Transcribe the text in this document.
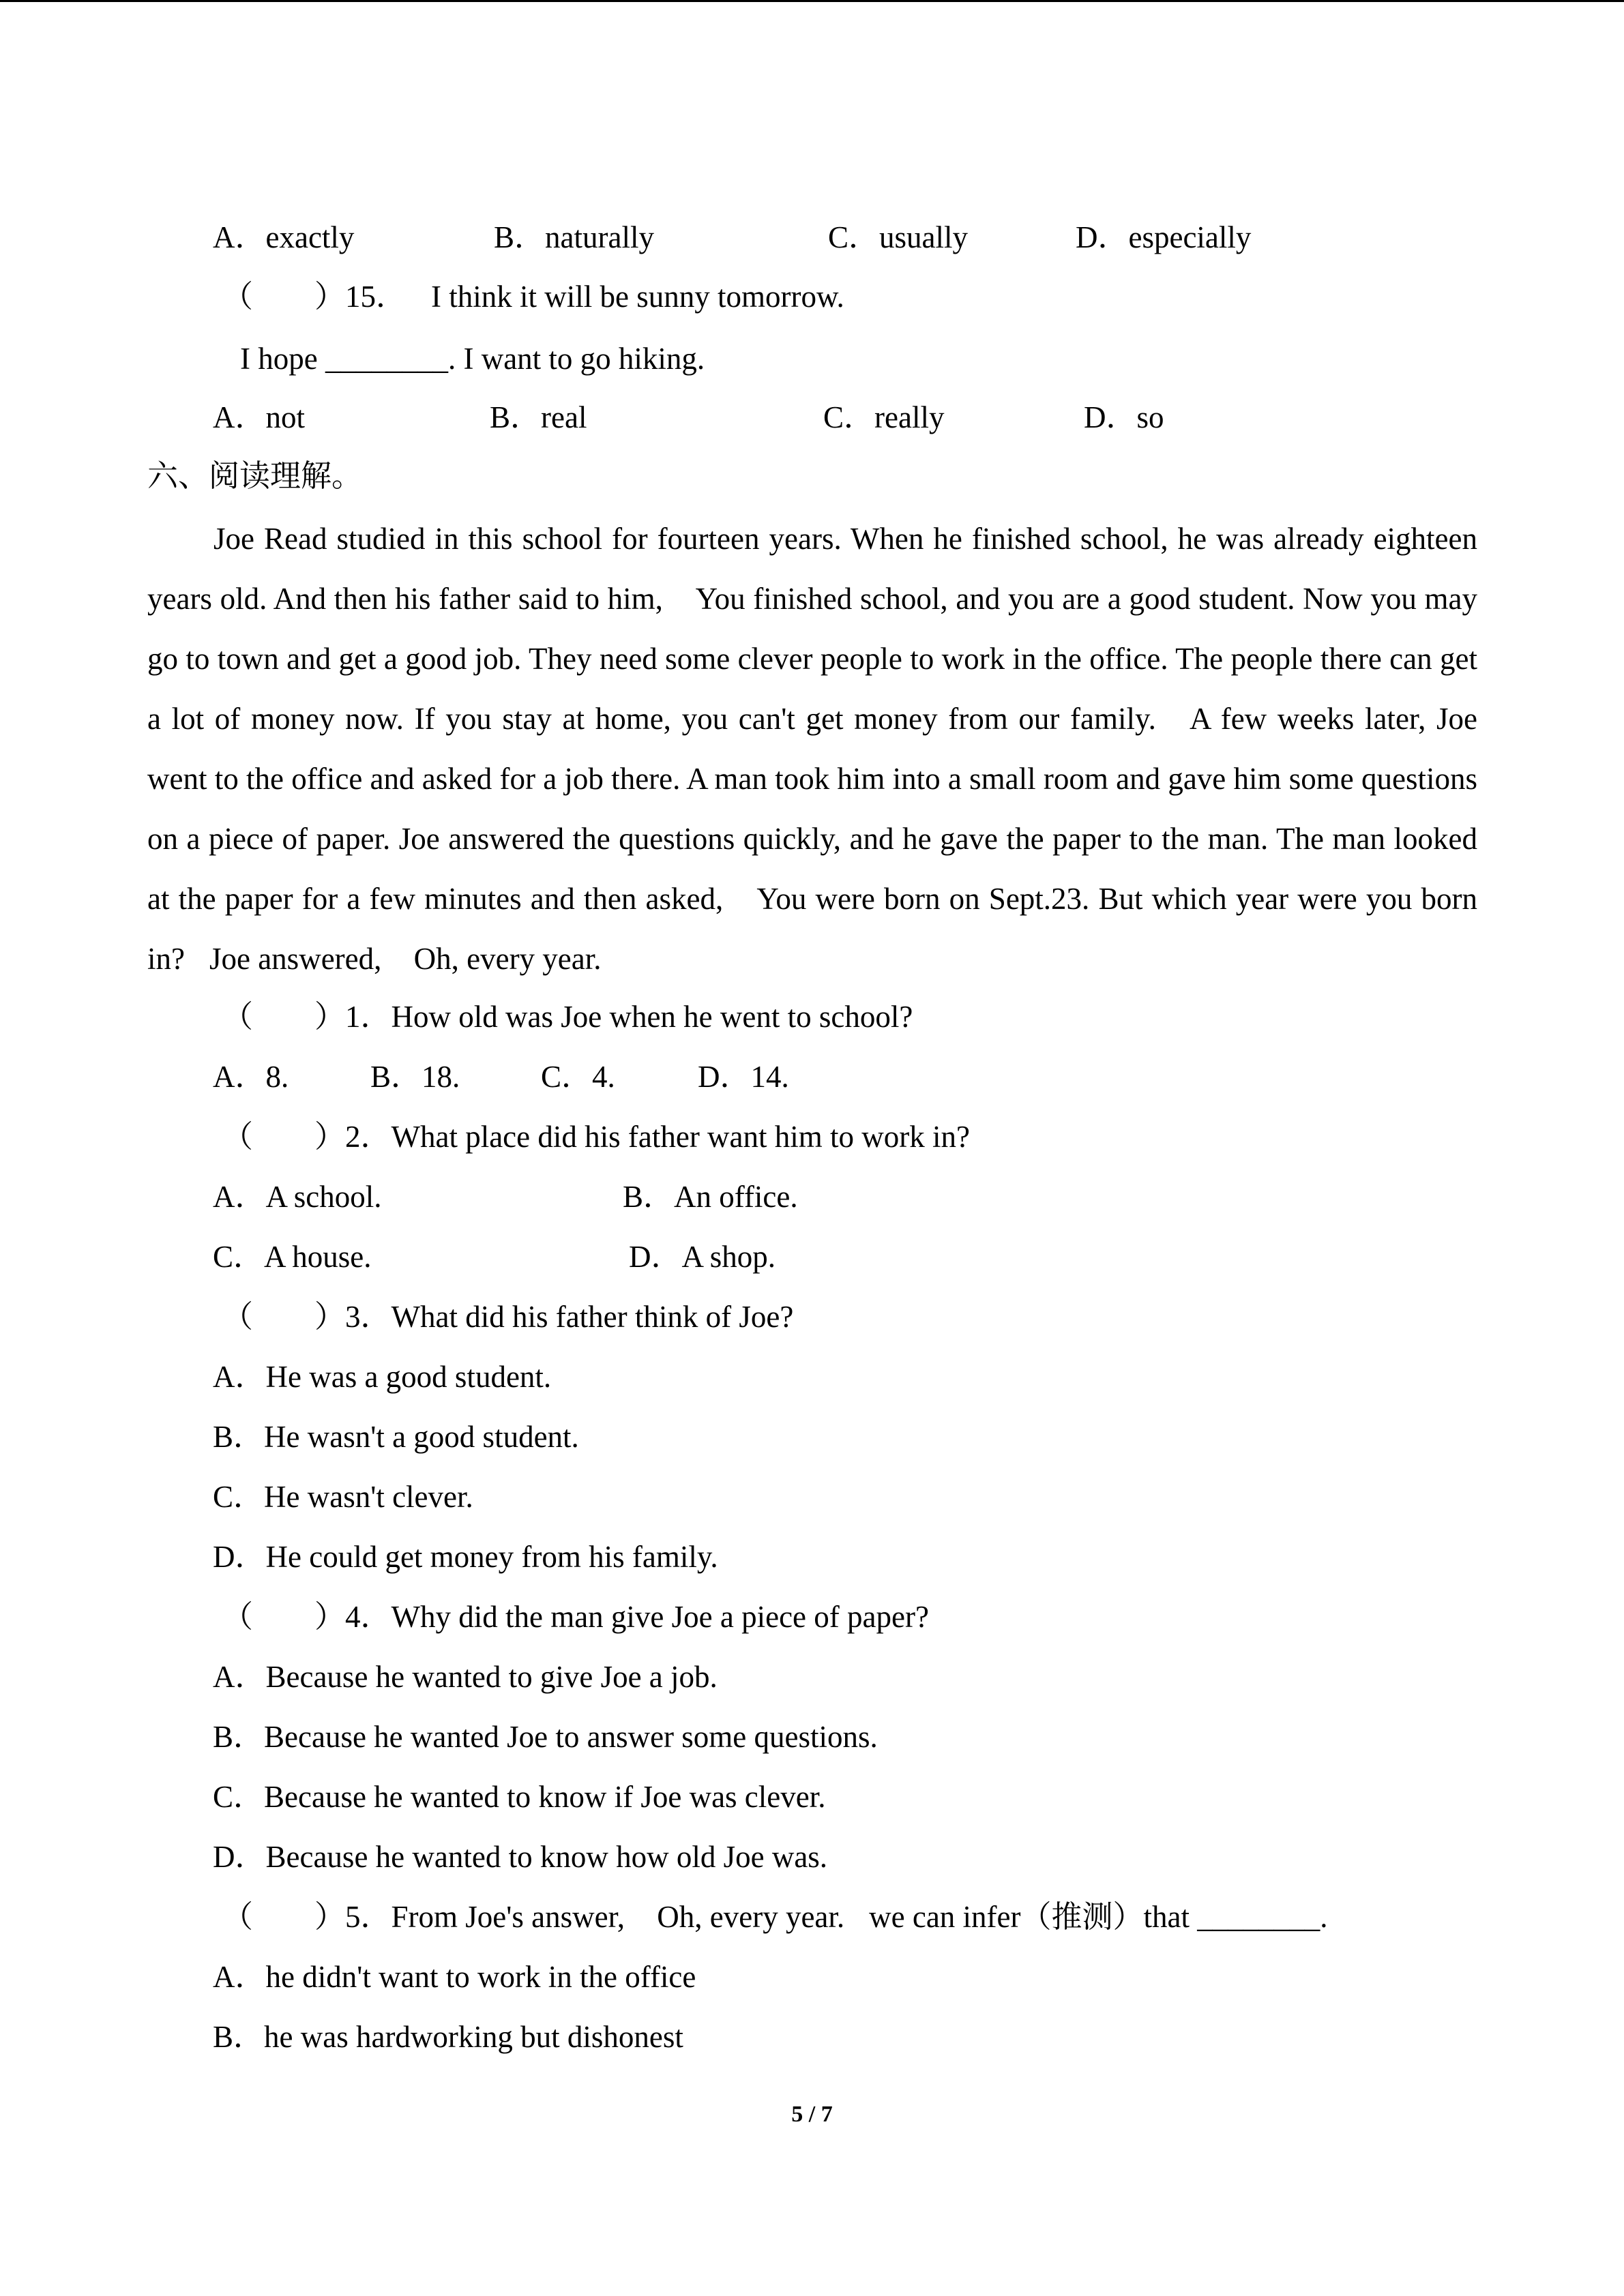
A．exactly	B．naturally	C．usually	D．especially
（　　）15．I think it will be sunny tomorrow.
I hope ________. I want to go hiking.
A．not	B．real	C．really	D．so
六、阅读理解。

Joe Read studied in this school for fourteen years. When he finished school, he was already eighteen years old. And then his father said to him, You finished school, and you are a good student. Now you may go to town and get a good job. They need some clever people to work in the office. The people there can get a lot of money now. If you stay at home, you can't get money from our family. A few weeks later, Joe went to the office and asked for a job there. A man took him into a small room and gave him some questions on a piece of paper. Joe answered the questions quickly, and he gave the paper to the man. The man looked at the paper for a few minutes and then asked, You were born on Sept.23. But which year were you born in?Joe answered, Oh, every year.

（　　）1．How old was Joe when he went to school?
A．8.	B．18.	C．4.	D．14.
（　　）2．What place did his father want him to work in?
A．A school.	B．An office.
C．A house.	D．A shop.
（　　）3．What did his father think of Joe?
A．He was a good student.
B．He wasn't a good student.
C．He wasn't clever.
D．He could get money from his family.
（　　）4．Why did the man give Joe a piece of paper?
A．Because he wanted to give Joe a job.
B．Because he wanted Joe to answer some questions.
C．Because he wanted to know if Joe was clever.
D．Because he wanted to know how old Joe was.
（　　）5．From Joe's answer, Oh, every year.we can infer（推测）that ________.
A．he didn't want to work in the office
B．he was hardworking but dishonest
5 / 7
